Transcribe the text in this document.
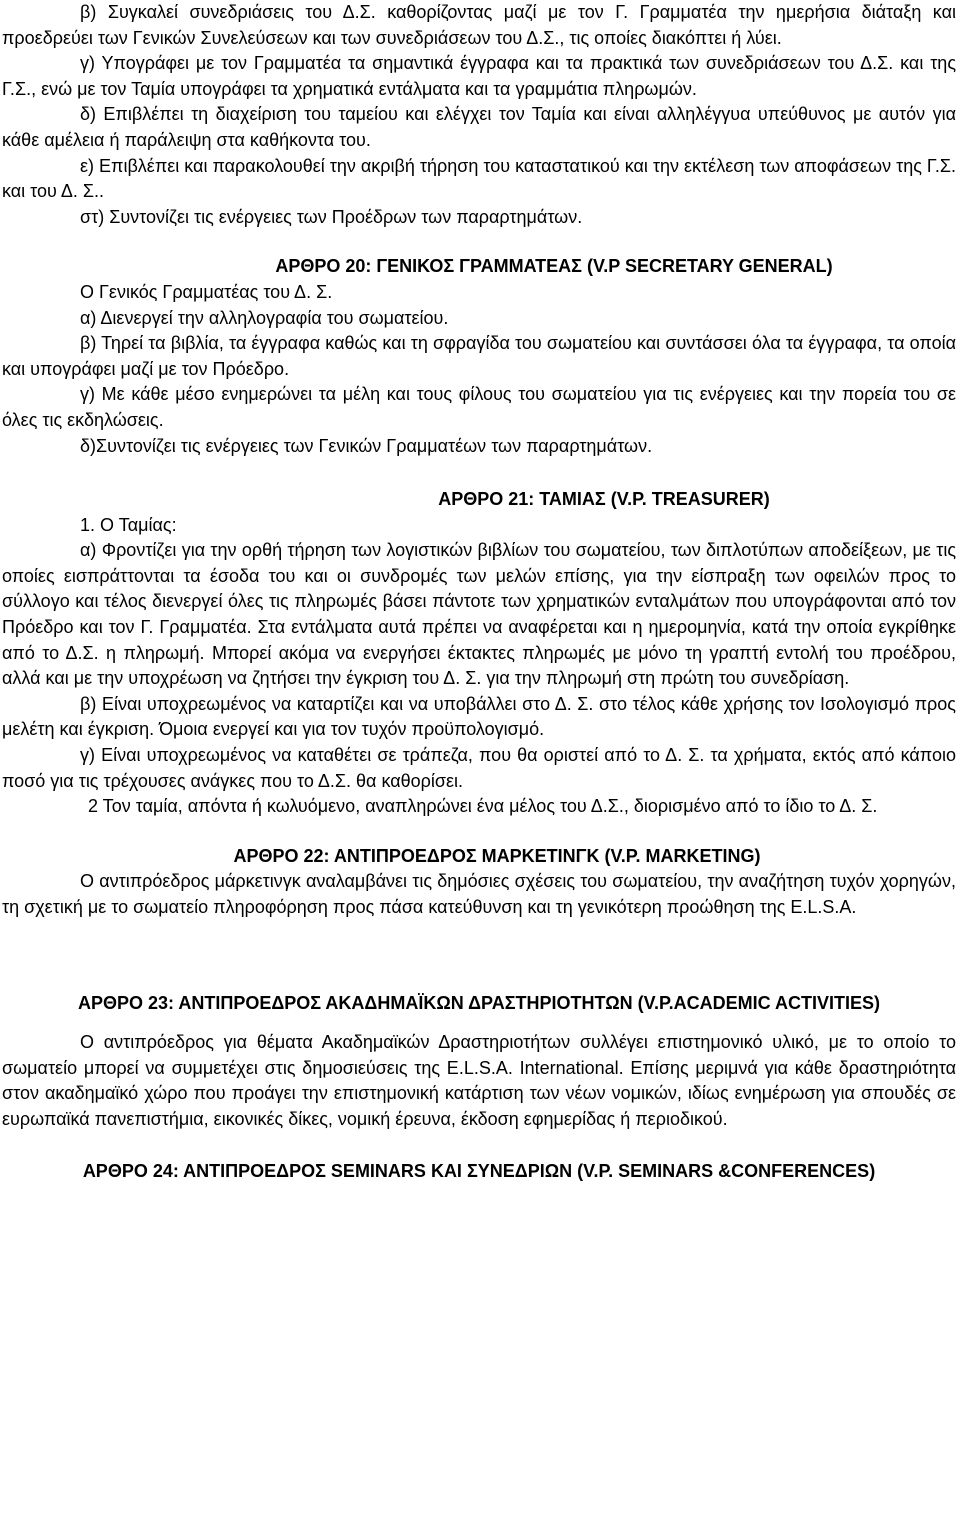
β) Συγκαλεί συνεδριάσεις του Δ.Σ. καθορίζοντας μαζί με τον Γ. Γραμματέα την ημερήσια διάταξη και προεδρεύει των Γενικών Συνελεύσεων και των συνεδριάσεων του Δ.Σ., τις οποίες διακόπτει ή λύει.

γ) Υπογράφει με τον Γραμματέα τα σημαντικά έγγραφα και τα πρακτικά των συνεδριάσεων του Δ.Σ. και της Γ.Σ., ενώ με τον Ταμία υπογράφει τα χρηματικά εντάλματα και τα γραμμάτια πληρωμών.

δ) Επιβλέπει τη διαχείριση του ταμείου και ελέγχει τον Ταμία και είναι αλληλέγγυα υπεύθυνος με αυτόν για κάθε αμέλεια ή παράλειψη στα καθήκοντα του.

ε) Επιβλέπει και παρακολουθεί την ακριβή τήρηση του καταστατικού και την εκτέλεση των αποφάσεων της Γ.Σ. και του Δ. Σ..

στ) Συντονίζει τις ενέργειες των Προέδρων των παραρτημάτων.

ΑΡΘΡΟ 20: ΓΕΝΙΚΟΣ ΓΡΑΜΜΑΤΕΑΣ (V.P SECRETARY GENERAL)

Ο Γενικός Γραμματέας του Δ. Σ.

α) Διενεργεί την αλληλογραφία του σωματείου.

β) Τηρεί τα βιβλία, τα έγγραφα καθώς και τη σφραγίδα του σωματείου και συντάσσει όλα τα έγγραφα, τα οποία και υπογράφει μαζί με τον Πρόεδρο.

γ) Με κάθε μέσο ενημερώνει τα μέλη και τους φίλους του σωματείου για τις ενέργειες και την πορεία του σε όλες τις εκδηλώσεις.

δ)Συντονίζει τις ενέργειες των Γενικών Γραμματέων των παραρτημάτων.

ΑΡΘΡΟ 21: ΤΑΜΙΑΣ (V.P. TREASURER)

1. Ο Ταμίας:

α) Φροντίζει για την ορθή τήρηση των λογιστικών βιβλίων του σωματείου, των διπλοτύπων αποδείξεων, με τις οποίες εισπράττονται τα έσοδα του και οι συνδρομές των μελών επίσης, για την είσπραξη των οφειλών προς το σύλλογο και τέλος διενεργεί όλες τις πληρωμές βάσει πάντοτε των χρηματικών ενταλμάτων που υπογράφονται από τον Πρόεδρο και τον Γ. Γραμματέα. Στα εντάλματα αυτά πρέπει να αναφέρεται και η ημερομηνία, κατά την οποία εγκρίθηκε από το Δ.Σ. η πληρωμή. Μπορεί ακόμα να ενεργήσει έκτακτες πληρωμές με μόνο τη γραπτή εντολή του προέδρου, αλλά και με την υποχρέωση να ζητήσει την έγκριση του Δ. Σ. για την πληρωμή στη πρώτη του συνεδρίαση.

β) Είναι υποχρεωμένος να καταρτίζει και να υποβάλλει στο Δ. Σ. στο τέλος κάθε χρήσης τον Ισολογισμό προς μελέτη και έγκριση. Όμοια ενεργεί και για τον τυχόν προϋπολογισμό.

γ) Είναι υποχρεωμένος να καταθέτει σε τράπεζα, που θα οριστεί από το Δ. Σ. τα χρήματα, εκτός από κάποιο ποσό για τις τρέχουσες ανάγκες που το Δ.Σ. θα καθορίσει.

2 Τον ταμία, απόντα ή κωλυόμενο, αναπληρώνει ένα μέλος του Δ.Σ., διορισμένο από το ίδιο το Δ. Σ.

ΑΡΘΡΟ 22: ΑΝΤΙΠΡΟΕΔΡΟΣ ΜΑΡΚΕΤΙΝΓΚ (V.P. MARKETING)

Ο αντιπρόεδρος μάρκετινγκ αναλαμβάνει τις δημόσιες σχέσεις του σωματείου, την αναζήτηση τυχόν χορηγών, τη σχετική με το σωματείο πληροφόρηση προς πάσα κατεύθυνση και τη γενικότερη προώθηση της E.L.S.A.

ΑΡΘΡΟ 23: ΑΝΤΙΠΡΟΕΔΡΟΣ ΑΚΑΔΗΜΑΪΚΩΝ ΔΡΑΣΤΗΡΙΟΤΗΤΩΝ (V.P.ACADEMIC ACTIVITIES)

Ο αντιπρόεδρος για θέματα Ακαδημαϊκών Δραστηριοτήτων συλλέγει επιστημονικό υλικό, με το οποίο το σωματείο μπορεί να συμμετέχει στις δημοσιεύσεις της E.L.S.A. International. Επίσης μεριμνά για κάθε δραστηριότητα στον ακαδημαϊκό χώρο που προάγει την επιστημονική κατάρτιση των νέων νομικών, ιδίως ενημέρωση για σπουδές σε ευρωπαϊκά πανεπιστήμια, εικονικές δίκες, νομική έρευνα, έκδοση εφημερίδας ή περιοδικού.

ΑΡΘΡΟ 24: ΑΝΤΙΠΡΟΕΔΡΟΣ SEMINARS ΚΑΙ ΣΥΝΕΔΡΙΩΝ (V.P. SEMINARS &CONFERENCES)
